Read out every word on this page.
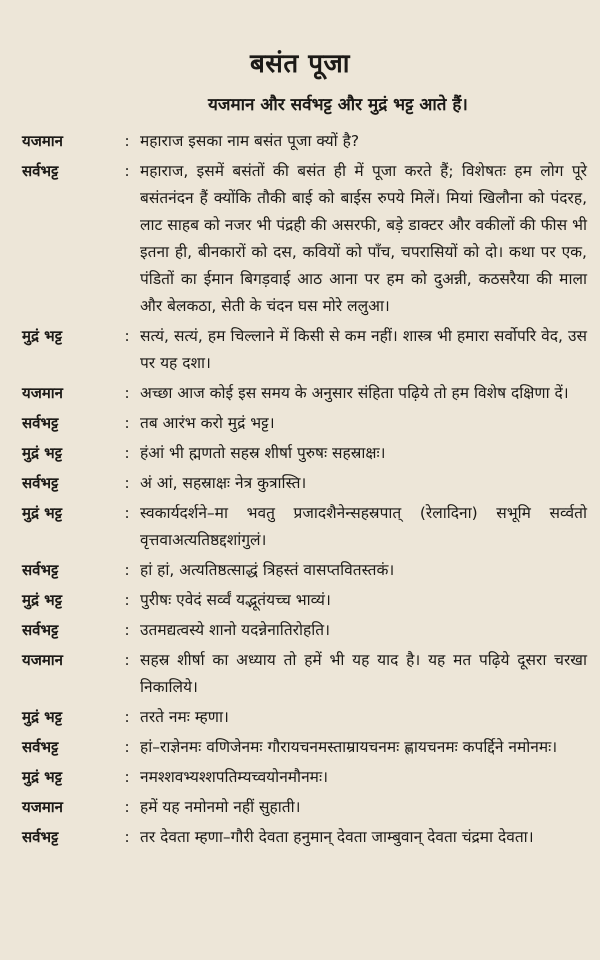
बसंत पूजा
यजमान और सर्वभट्ट और मुद्रं भट्ट आते हैं।
यजमान	: महाराज इसका नाम बसंत पूजा क्यों है?
सर्वभट्ट	: महाराज, इसमें बसंतों की बसंत ही में पूजा करते हैं; विशेषतः हम लोग पूरे बसंतनंदन हैं क्योंकि तौकी बाई को बाईस रुपये मिलें। मियां खिलौना को पंदरह, लाट साहब को नजर भी पंद्रही की असरफी, बड़े डाक्टर और वकीलों की फीस भी इतना ही, बीनकारों को दस, कवियों को पाँच, चपरासियों को दो। कथा पर एक, पंडितों का ईमान बिगड़वाई आठ आना पर हम को दुअन्नी, कठसरैया की माला और बेलकठा, सेती के चंदन घस मोरे ललुआ।
मुद्रं भट्ट	: सत्यं, सत्यं, हम चिल्लाने में किसी से कम नहीं। शास्त्र भी हमारा सर्वोपरि वेद, उस पर यह दशा।
यजमान	: अच्छा आज कोई इस समय के अनुसार संहिता पढ़िये तो हम विशेष दक्षिणा दें।
सर्वभट्ट	: तब आरंभ करो मुद्रं भट्ट।
मुद्रं भट्ट	: हंआं भी ह्मणतो सहस्र शीर्षा पुरुषः सहस्राक्षः।
सर्वभट्ट	: अं आं, सहस्राक्षः नेत्र कुत्रास्ति।
मुद्रं भट्ट	: स्वकार्यदर्शने–मा भवतु प्रजादशैनेन्सहस्रपात् (रेलादिना) सभूमि सर्व्वतो वृत्तवाअत्यतिष्ठद्दशांगुलं।
सर्वभट्ट	: हां हां, अत्यतिष्ठत्साद्धं त्रिहस्तं वासप्तवितस्तकं।
मुद्रं भट्ट	: पुरीषः एवेदं सर्व्वं यद्भूतंयच्च भाव्यं।
सर्वभट्ट	: उतमद्यत्वस्ये शानो यदन्नेनातिरोहति।
यजमान	: सहस्र शीर्षा का अध्याय तो हमें भी यह याद है। यह मत पढ़िये दूसरा चरखा निकालिये।
मुद्रं भट्ट	: तरते नमः म्हणा।
सर्वभट्ट	: हां–राज्ञेनमः वणिजेनमः गौरायचनमस्ताम्रायचनमः ह्णायचनमः कपर्द्दिने नमोनमः।
मुद्रं भट्ट	: नमश्शवभ्यश्शपतिम्यच्वयोनमौनमः।
यजमान	: हमें यह नमोनमो नहीं सुहाती।
सर्वभट्ट	: तर देवता म्हणा–गौरी देवता हनुमान् देवता जाम्बुवान् देवता चंद्रमा देवता।
